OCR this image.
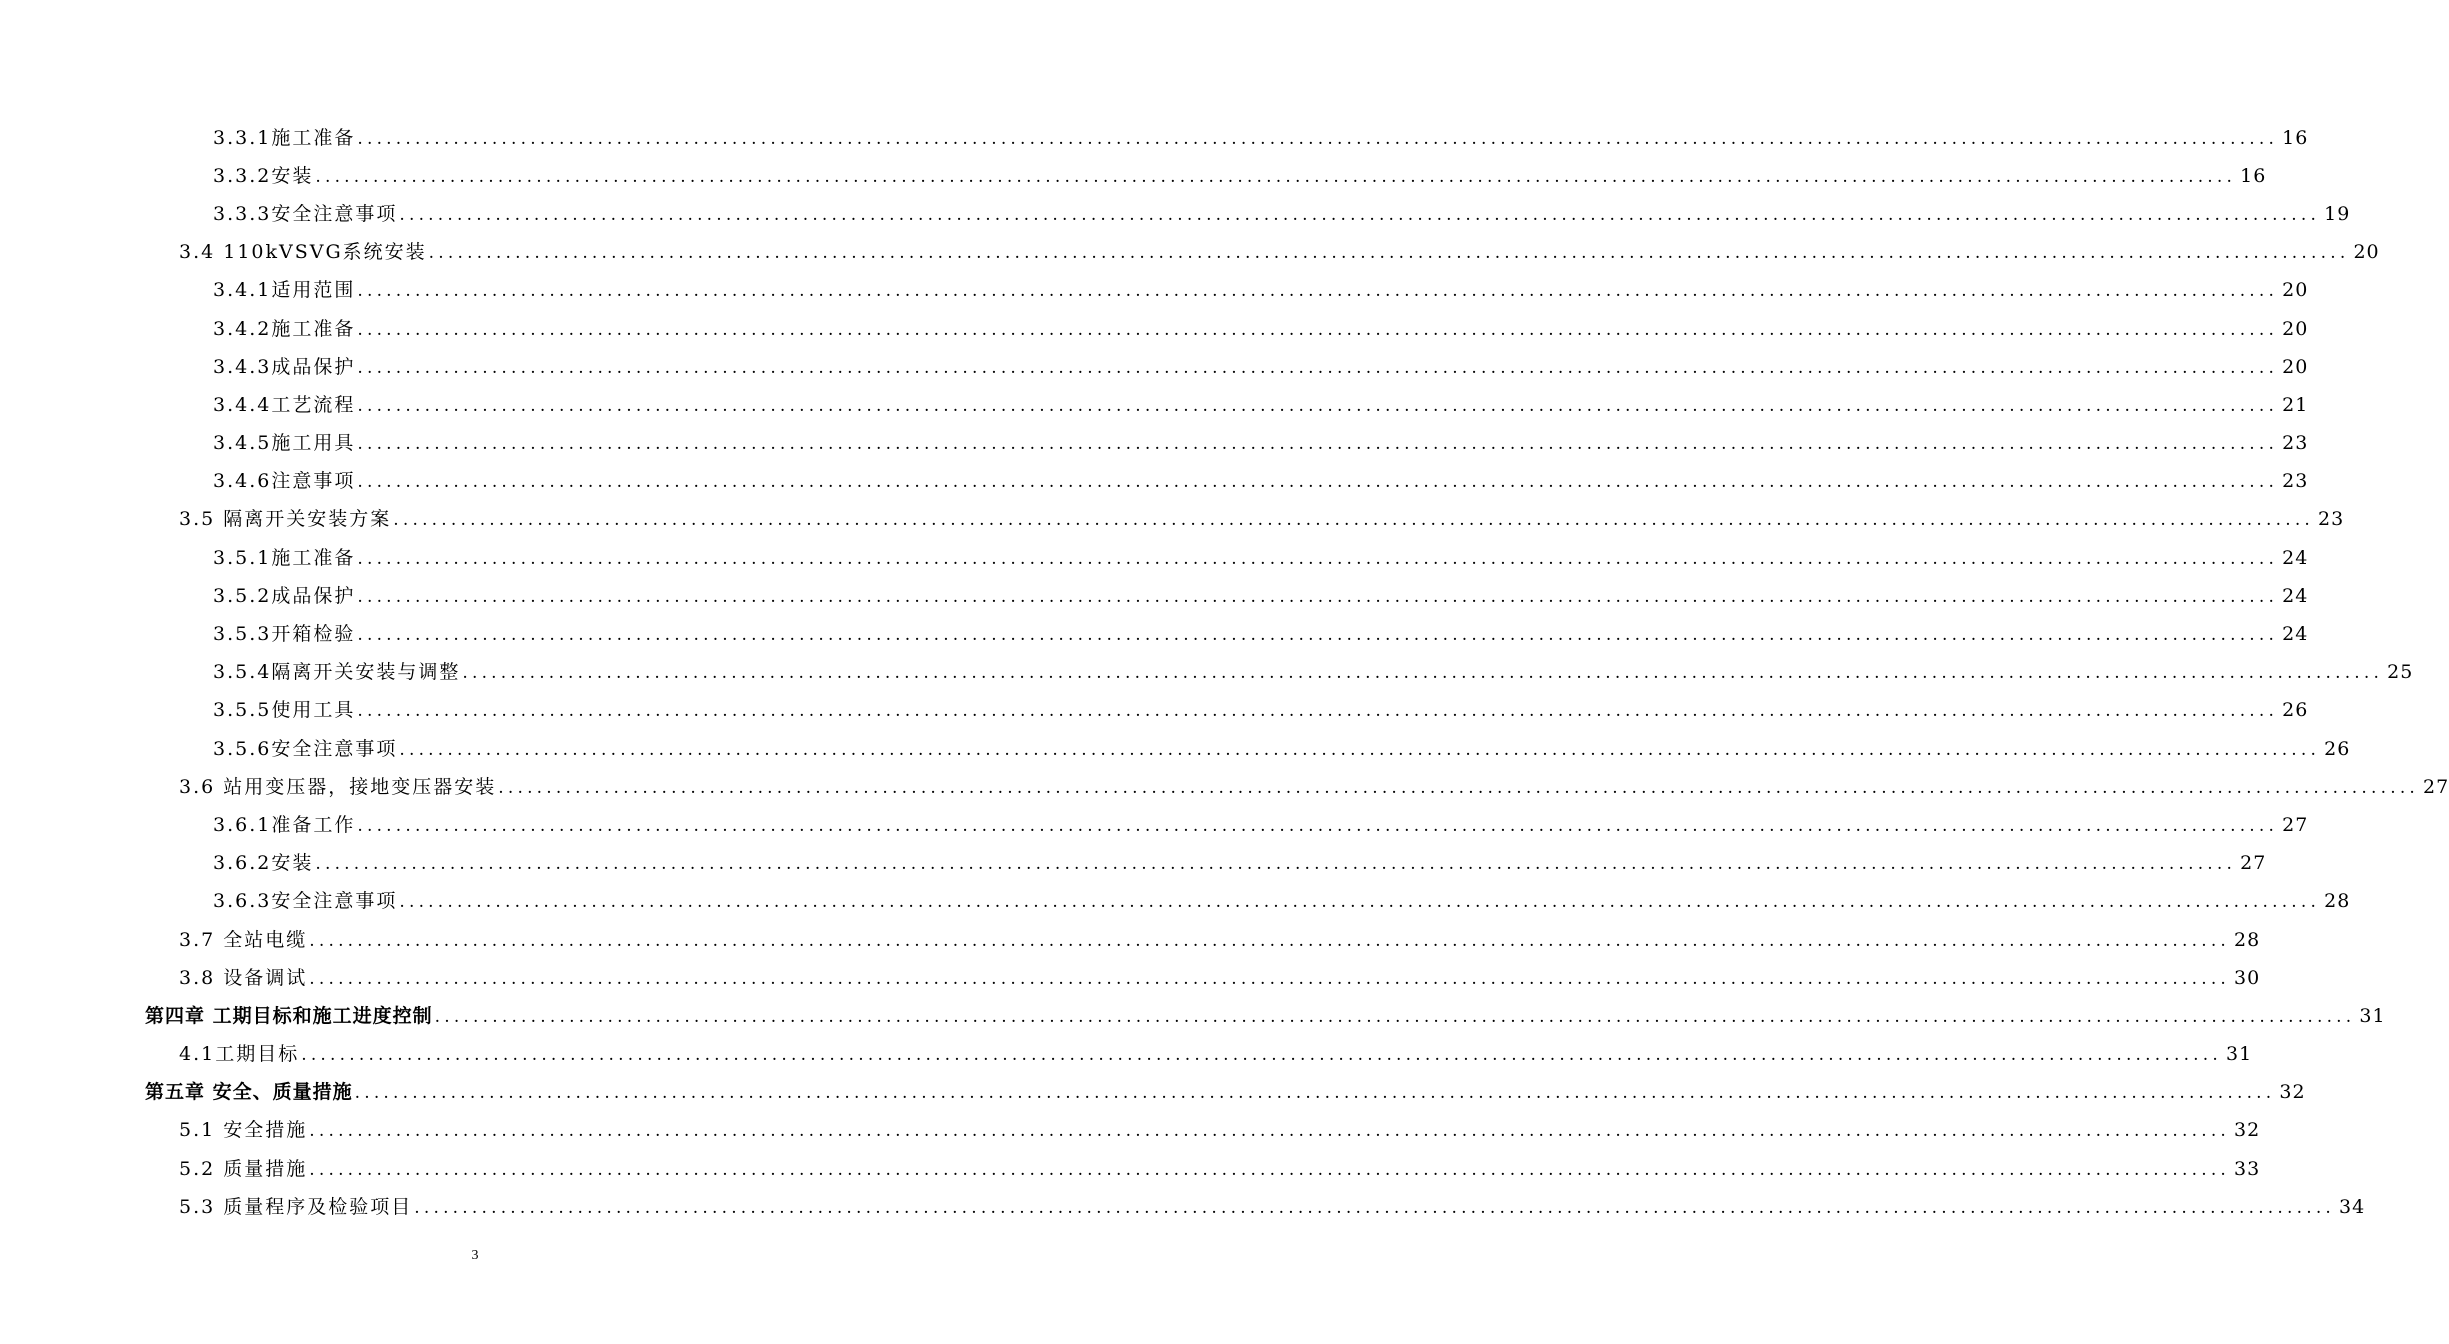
3.3.1施工准备 ........................................................................................................................................................................................................ 16
3.3.2安装 ........................................................................................................................................................................................................ 16
3.3.3安全注意事项 ........................................................................................................................................................................................................ 19
3.4 110kVSVG系统安装 ........................................................................................................................................................................................................ 20
3.4.1适用范围 ........................................................................................................................................................................................................ 20
3.4.2施工准备 ........................................................................................................................................................................................................ 20
3.4.3成品保护 ........................................................................................................................................................................................................ 20
3.4.4工艺流程 ........................................................................................................................................................................................................ 21
3.4.5施工用具 ........................................................................................................................................................................................................ 23
3.4.6注意事项 ........................................................................................................................................................................................................ 23
3.5 隔离开关安装方案 ........................................................................................................................................................................................................ 23
3.5.1施工准备 ........................................................................................................................................................................................................ 24
3.5.2成品保护 ........................................................................................................................................................................................................ 24
3.5.3开箱检验 ........................................................................................................................................................................................................ 24
3.5.4隔离开关安装与调整 ........................................................................................................................................................................................................ 25
3.5.5使用工具 ........................................................................................................................................................................................................ 26
3.5.6安全注意事项 ........................................................................................................................................................................................................ 26
3.6 站用变压器，接地变压器安装 ........................................................................................................................................................................................................ 27
3.6.1准备工作 ........................................................................................................................................................................................................ 27
3.6.2安装 ........................................................................................................................................................................................................ 27
3.6.3安全注意事项 ........................................................................................................................................................................................................ 28
3.7 全站电缆 ........................................................................................................................................................................................................ 28
3.8 设备调试 ........................................................................................................................................................................................................ 30
第四章 工期目标和施工进度控制 ........................................................................................................................................................................................................ 31
4.1工期目标 ........................................................................................................................................................................................................ 31
第五章 安全、质量措施 ........................................................................................................................................................................................................ 32
5.1 安全措施 ........................................................................................................................................................................................................ 32
5.2 质量措施 ........................................................................................................................................................................................................ 33
5.3 质量程序及检验项目 ........................................................................................................................................................................................................ 34
3
